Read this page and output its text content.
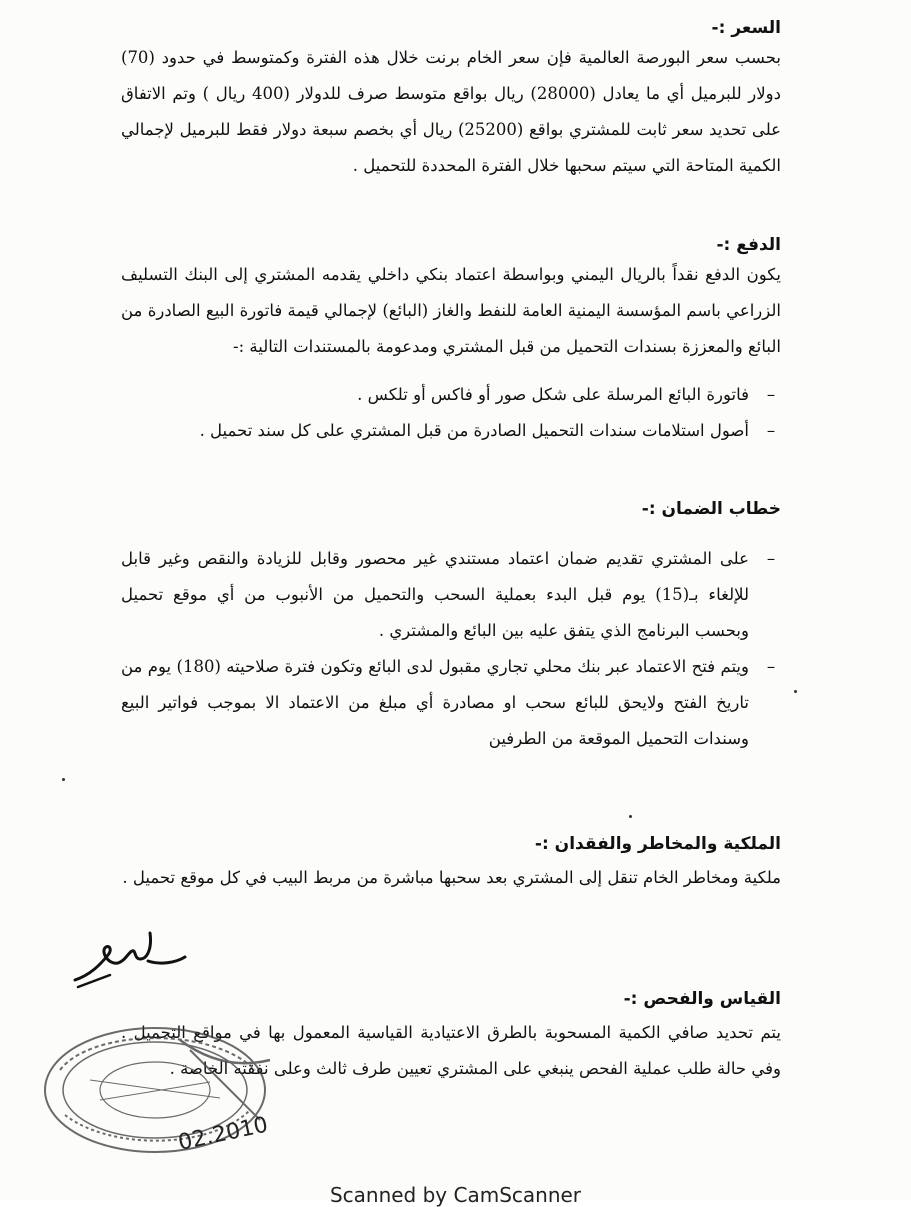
السعر :-

بحسب سعر البورصة العالمية فإن سعر الخام برنت خلال هذه الفترة وكمتوسط في حدود (70) دولار للبرميل أي ما يعادل (28000) ريال بواقع متوسط صرف للدولار (400 ريال ) وتم الاتفاق على تحديد سعر ثابت للمشتري بواقع (25200) ريال أي بخصم سبعة دولار فقط للبرميل لإجمالي الكمية المتاحة التي سيتم سحبها خلال الفترة المحددة للتحميل .

الدفع :-

يكون الدفع نقداً بالريال اليمني وبواسطة اعتماد بنكي داخلي يقدمه المشتري إلى البنك التسليف الزراعي باسم المؤسسة اليمنية العامة للنفط والغاز (البائع) لإجمالي قيمة فاتورة البيع الصادرة من البائع والمعززة بسندات التحميل من قبل المشتري ومدعومة بالمستندات التالية :-

–
فاتورة البائع المرسلة على شكل صور أو فاكس أو تلكس .
–
أصول استلامات سندات التحميل الصادرة من قبل المشتري على كل سند تحميل .
خطاب الضمان :-
–
على المشتري تقديم ضمان اعتماد مستندي غير محصور وقابل للزيادة والنقص وغير قابل للإلغاء بـ(15) يوم قبل البدء بعملية السحب والتحميل من الأنبوب من أي موقع تحميل وبحسب البرنامج الذي يتفق عليه بين البائع والمشتري .
–
ويتم فتح الاعتماد عبر بنك محلي تجاري مقبول لدى البائع وتكون فترة صلاحيته (180) يوم من تاريخ الفتح ولايحق للبائع سحب او مصادرة أي مبلغ من الاعتماد الا بموجب فواتير البيع وسندات التحميل الموقعة من الطرفين
الملكية والمخاطر والفقدان :-

ملكية ومخاطر الخام تنقل إلى المشتري بعد سحبها مباشرة من مربط البيب في كل موقع تحميل .

القياس والفحص :-

يتم تحديد صافي الكمية المسحوبة بالطرق الاعتيادية القياسية المعمول بها في مواقع التحميل . وفي حالة طلب عملية الفحص ينبغي على المشتري تعيين طرف ثالث وعلى نفقته الخاصة .

02.2010
Scanned by CamScanner
